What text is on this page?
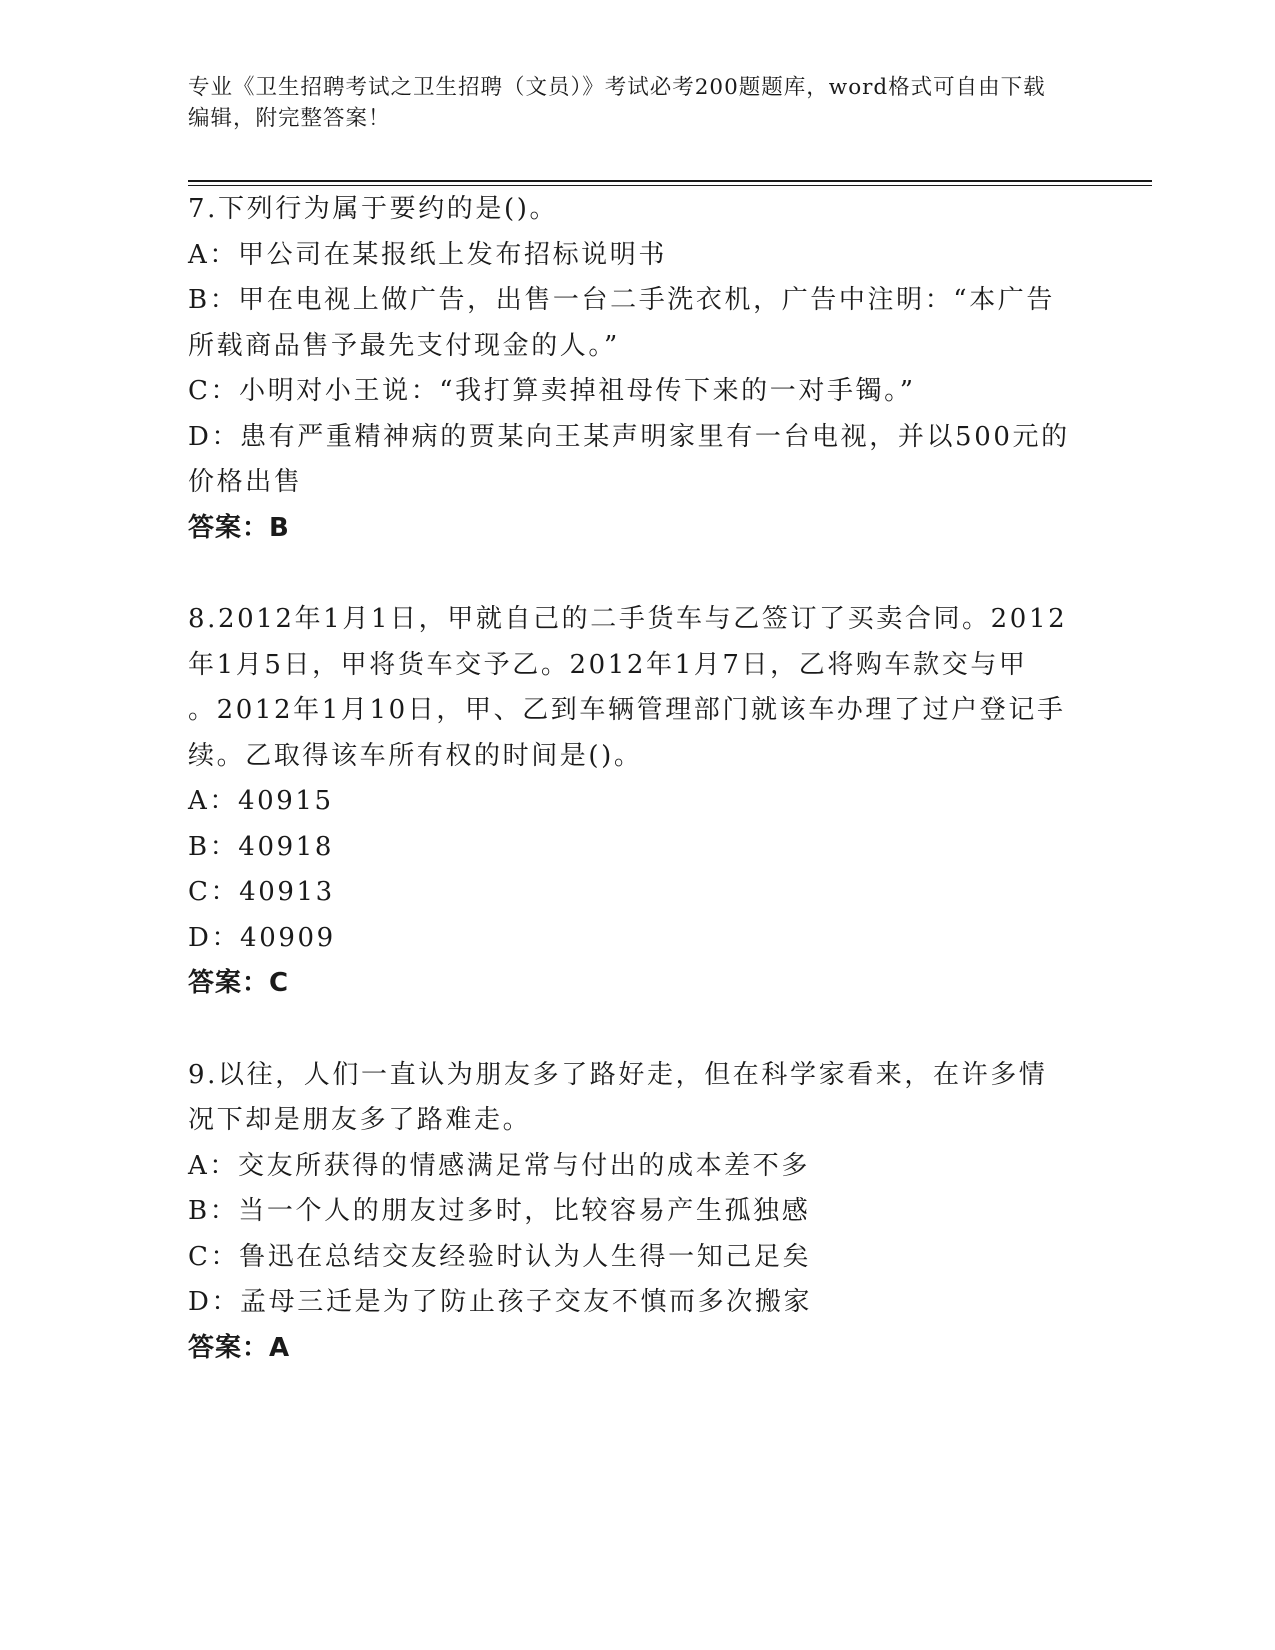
专业《卫生招聘考试之卫生招聘（文员）》考试必考200题题库，word格式可自由下载编辑，附完整答案！

7.下列行为属于要约的是()。

A：甲公司在某报纸上发布招标说明书

B：甲在电视上做广告，出售一台二手洗衣机，广告中注明：“本广告

所载商品售予最先支付现金的人。”

C：小明对小王说：“我打算卖掉祖母传下来的一对手镯。”

D：患有严重精神病的贾某向王某声明家里有一台电视，并以500元的

价格出售

答案：B

8.2012年1月1日，甲就自己的二手货车与乙签订了买卖合同。2012

年1月5日，甲将货车交予乙。2012年1月7日，乙将购车款交与甲

。2012年1月10日，甲、乙到车辆管理部门就该车办理了过户登记手

续。乙取得该车所有权的时间是()。

A：40915

B：40918

C：40913

D：40909

答案：C

9.以往，人们一直认为朋友多了路好走，但在科学家看来，在许多情

况下却是朋友多了路难走。

A：交友所获得的情感满足常与付出的成本差不多

B：当一个人的朋友过多时，比较容易产生孤独感

C：鲁迅在总结交友经验时认为人生得一知己足矣

D：孟母三迁是为了防止孩子交友不慎而多次搬家

答案：A
